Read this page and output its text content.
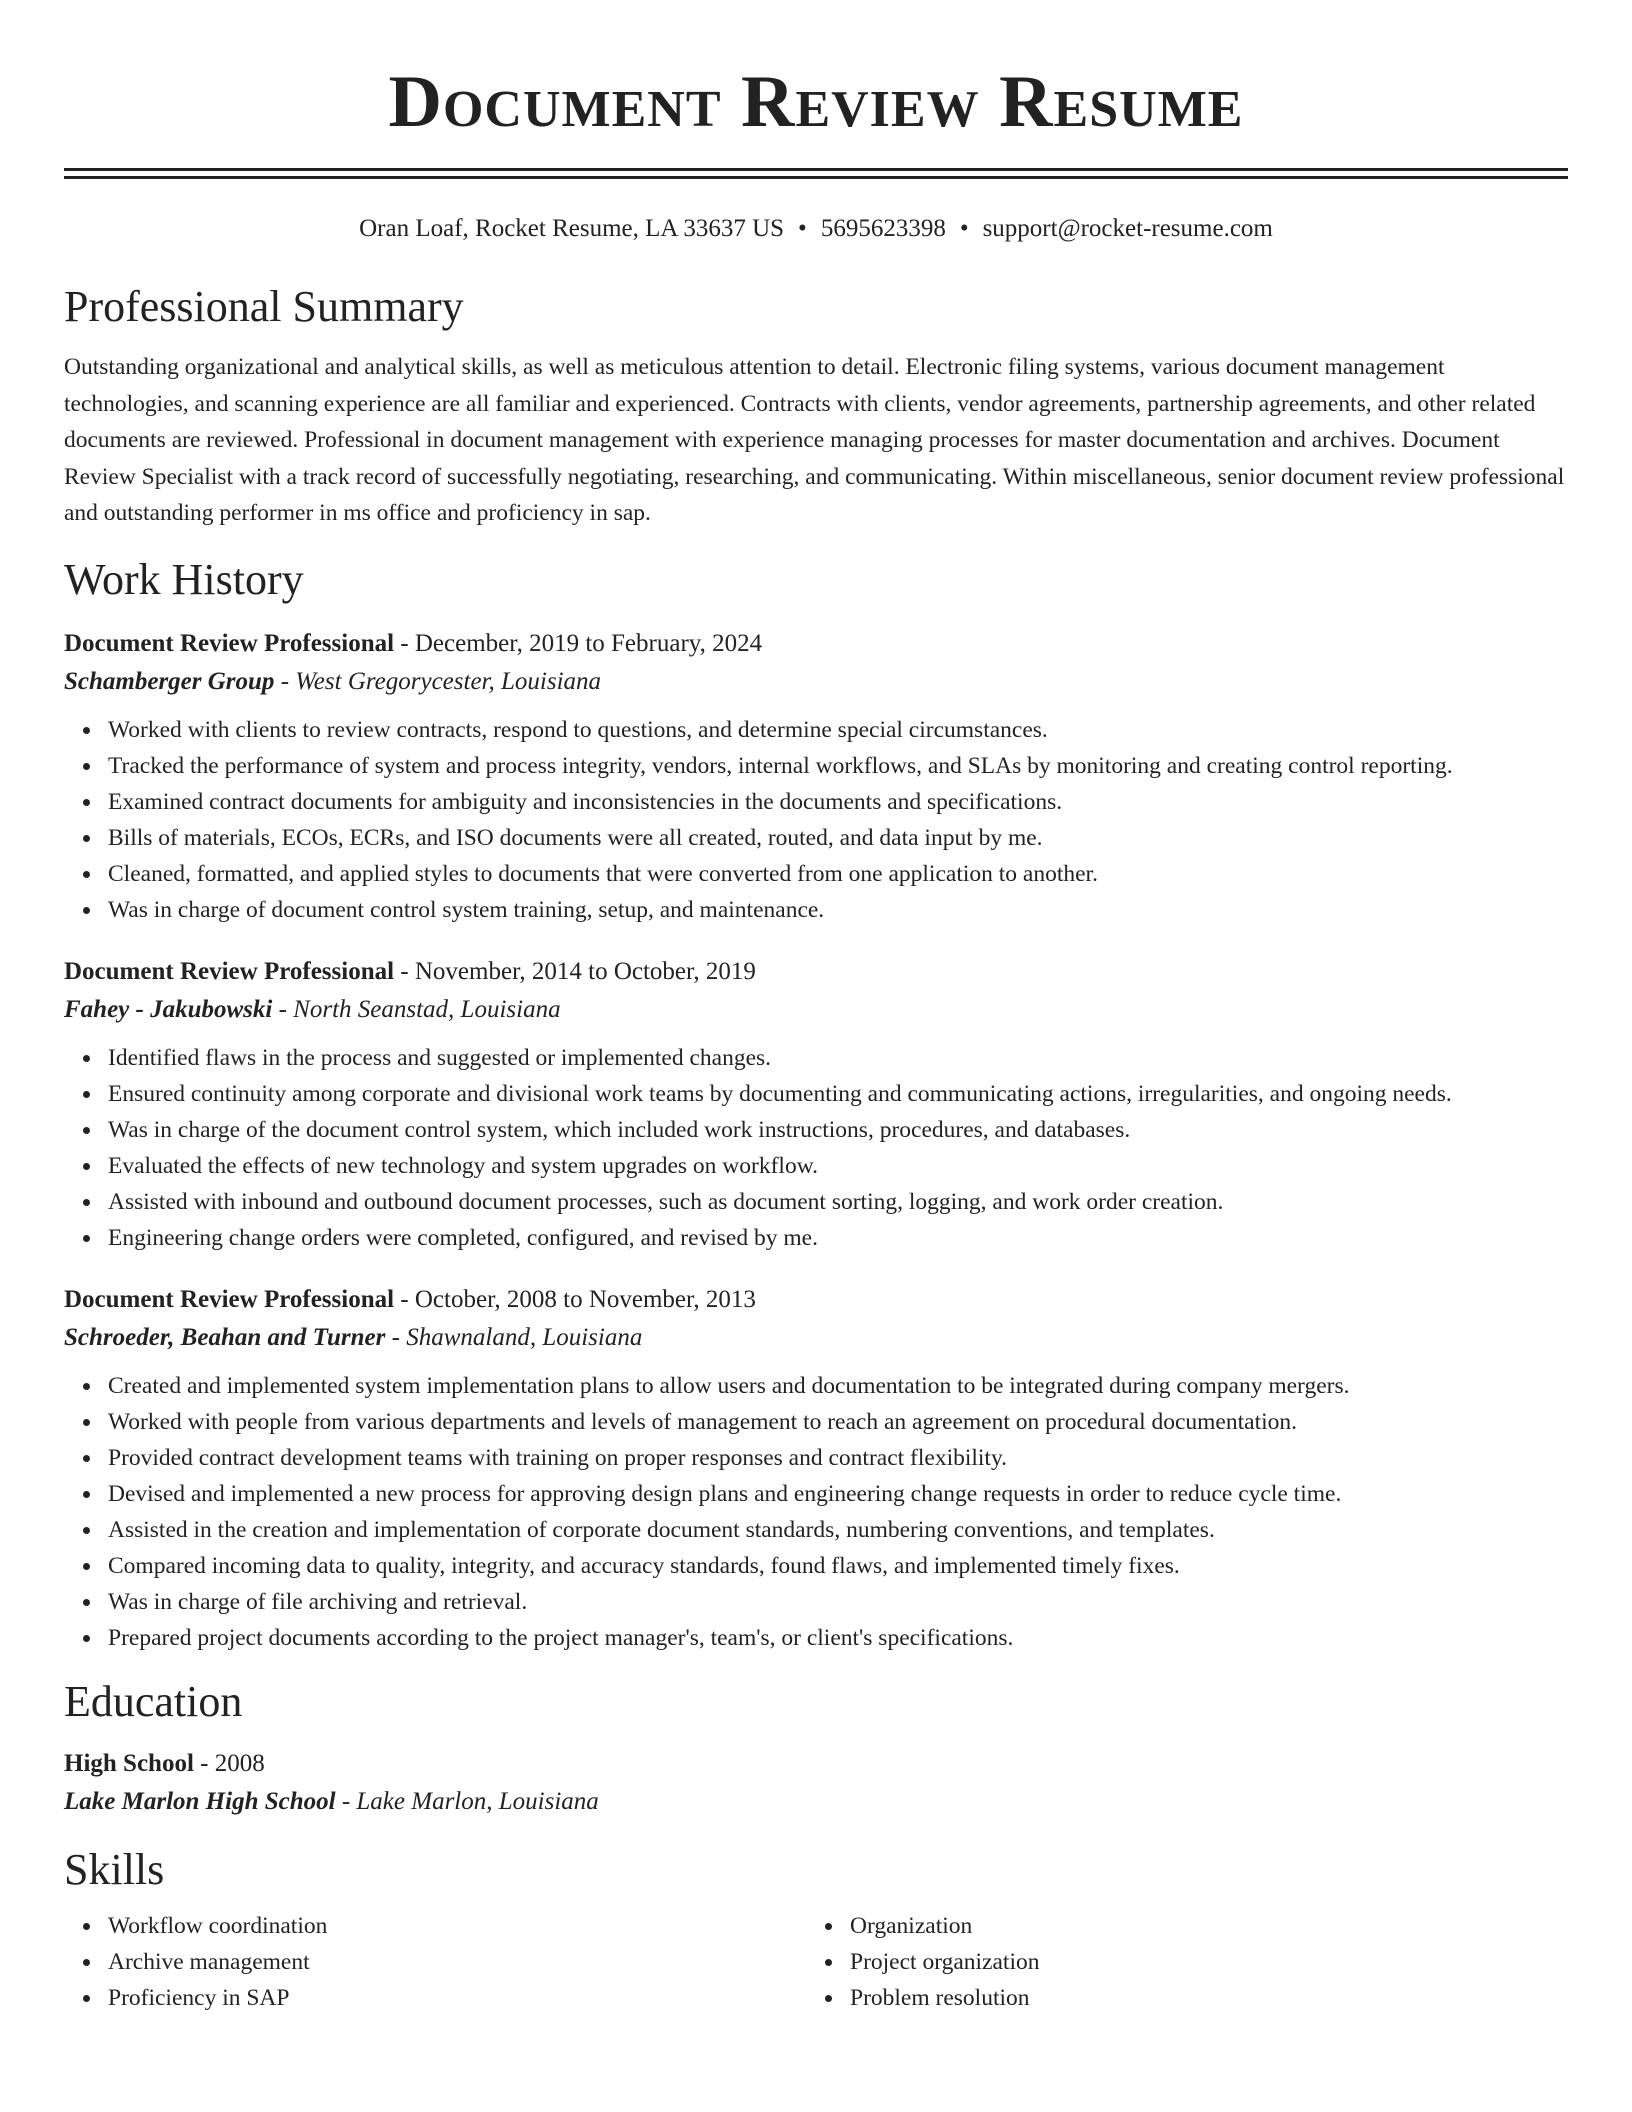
Document Review Resume
Oran Loaf, Rocket Resume, LA 33637 US • 5695623398 • support@rocket-resume.com
Professional Summary

Outstanding organizational and analytical skills, as well as meticulous attention to detail. Electronic filing systems, various document management technologies, and scanning experience are all familiar and experienced. Contracts with clients, vendor agreements, partnership agreements, and other related documents are reviewed. Professional in document management with experience managing processes for master documentation and archives. Document Review Specialist with a track record of successfully negotiating, researching, and communicating. Within miscellaneous, senior document review professional and outstanding performer in ms office and proficiency in sap.

Work History
Document Review Professional - December, 2019 to February, 2024
Schamberger Group - West Gregorycester, Louisiana
Worked with clients to review contracts, respond to questions, and determine special circumstances.
Tracked the performance of system and process integrity, vendors, internal workflows, and SLAs by monitoring and creating control reporting.
Examined contract documents for ambiguity and inconsistencies in the documents and specifications.
Bills of materials, ECOs, ECRs, and ISO documents were all created, routed, and data input by me.
Cleaned, formatted, and applied styles to documents that were converted from one application to another.
Was in charge of document control system training, setup, and maintenance.
Document Review Professional - November, 2014 to October, 2019
Fahey - Jakubowski - North Seanstad, Louisiana
Identified flaws in the process and suggested or implemented changes.
Ensured continuity among corporate and divisional work teams by documenting and communicating actions, irregularities, and ongoing needs.
Was in charge of the document control system, which included work instructions, procedures, and databases.
Evaluated the effects of new technology and system upgrades on workflow.
Assisted with inbound and outbound document processes, such as document sorting, logging, and work order creation.
Engineering change orders were completed, configured, and revised by me.
Document Review Professional - October, 2008 to November, 2013
Schroeder, Beahan and Turner - Shawnaland, Louisiana
Created and implemented system implementation plans to allow users and documentation to be integrated during company mergers.
Worked with people from various departments and levels of management to reach an agreement on procedural documentation.
Provided contract development teams with training on proper responses and contract flexibility.
Devised and implemented a new process for approving design plans and engineering change requests in order to reduce cycle time.
Assisted in the creation and implementation of corporate document standards, numbering conventions, and templates.
Compared incoming data to quality, integrity, and accuracy standards, found flaws, and implemented timely fixes.
Was in charge of file archiving and retrieval.
Prepared project documents according to the project manager's, team's, or client's specifications.
Education
High School - 2008
Lake Marlon High School - Lake Marlon, Louisiana
Skills
Workflow coordination
Archive management
Proficiency in SAP
Organization
Project organization
Problem resolution
